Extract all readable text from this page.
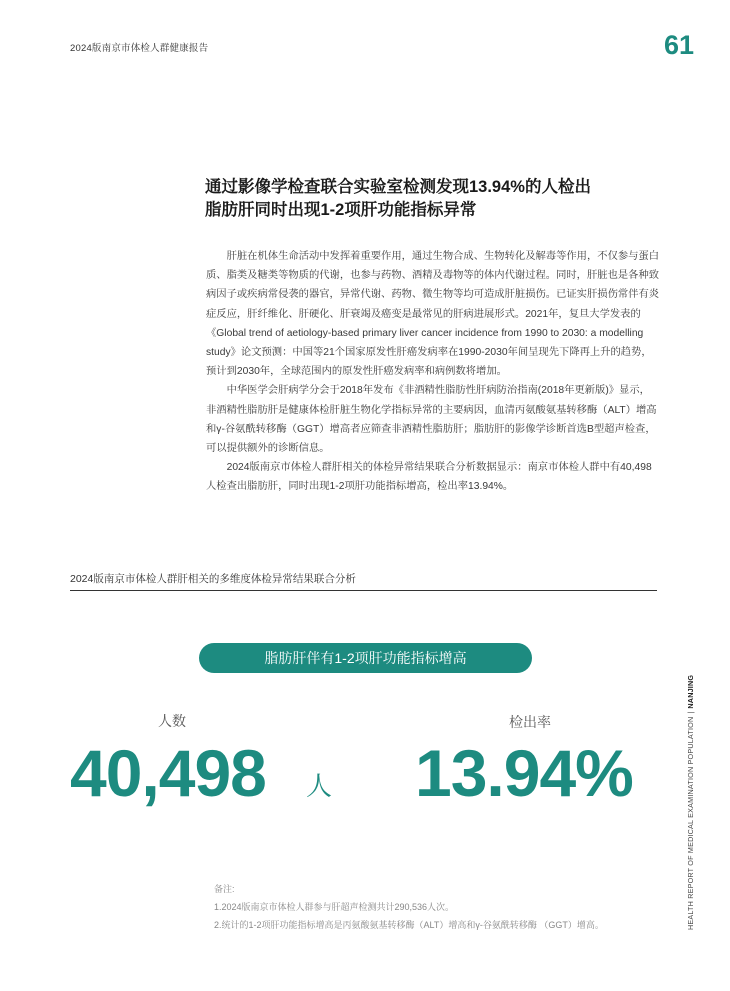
2024版南京市体检人群健康报告	61
通过影像学检查联合实验室检测发现13.94%的人检出
脂肪肝同时出现1-2项肝功能指标异常

肝脏在机体生命活动中发挥着重要作用，通过生物合成、生物转化及解毒等作用，不仅参与蛋白质、脂类及糖类等物质的代谢，也参与药物、酒精及毒物等的体内代谢过程。同时，肝脏也是各种致病因子或疾病常侵袭的器官，异常代谢、药物、微生物等均可造成肝脏损伤。已证实肝损伤常伴有炎症反应，肝纤维化、肝硬化、肝衰竭及癌变是最常见的肝病进展形式。2021年，复旦大学发表的《Global trend of aetiology-based primary liver cancer incidence from 1990 to 2030: a modelling study》论文预测：中国等21个国家原发性肝癌发病率在1990-2030年间呈现先下降再上升的趋势，预计到2030年，全球范围内的原发性肝癌发病率和病例数将增加。

中华医学会肝病学分会于2018年发布《非酒精性脂肪性肝病防治指南(2018年更新版)》显示，非酒精性脂肪肝是健康体检肝脏生物化学指标异常的主要病因，血清丙氨酸氨基转移酶（ALT）增高和γ-谷氨酰转移酶（GGT）增高者应筛查非酒精性脂肪肝；脂肪肝的影像学诊断首选B型超声检查，可以提供额外的诊断信息。

2024版南京市体检人群肝相关的体检异常结果联合分析数据显示：南京市体检人群中有40,498人检查出脂肪肝，同时出现1-2项肝功能指标增高，检出率13.94%。

2024版南京市体检人群肝相关的多维度体检异常结果联合分析
脂肪肝伴有1-2项肝功能指标增高
人数
40,498 人
检出率
13.94%
备注:
1.2024版南京市体检人群参与肝超声检测共计290,536人次。
2.统计的1-2项肝功能指标增高是丙氨酸氨基转移酶（ALT）增高和γ-谷氨酰转移酶 （GGT）增高。	HEALTH REPORT OF MEDICAL EXAMINATION POPULATION|NANJING
